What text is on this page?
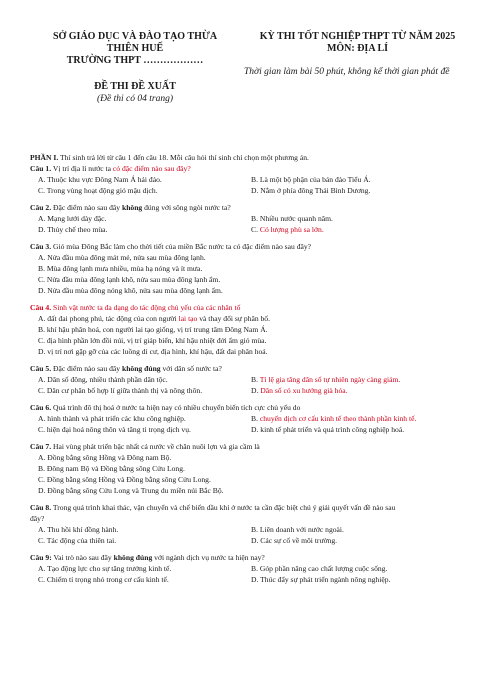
SỞ GIÁO DỤC VÀ ĐÀO TẠO THỪA
THIÊN HUẾ
TRƯỜNG THPT ………………
KỲ THI TỐT NGHIỆP THPT TỪ NĂM 2025
MÔN: ĐỊA LÍ
Thời gian làm bài 50 phút, không kể thời gian phát đề
ĐỀ THI ĐỀ XUẤT
(Đề thi có 04 trang)

PHẦN I. Thí sinh trả lời từ câu 1 đến câu 18. Mỗi câu hỏi thí sinh chỉ chọn một phương án.

Câu 1. Vị trí địa lí nước ta có đặc điểm nào sau đây?

A. Thuộc khu vực Đông Nam Á hải đảo.	B. Là một bộ phận của bán đảo Tiểu Á.
C. Trong vùng hoạt động gió mậu dịch.	D. Nằm ở phía đông Thái Bình Dương.

Câu 2. Đặc điểm nào sau đây không đúng với sông ngòi nước ta?

A. Mạng lưới dày đặc.	B. Nhiều nước quanh năm.
D. Thủy chế theo mùa.	C. Có lượng phù sa lớn.

Câu 3. Gió mùa Đông Bắc làm cho thời tiết của miền Bắc nước ta có đặc điểm nào sau đây?

A. Nửa đầu mùa đông mát mẻ, nửa sau mùa đông lạnh.
B. Mùa đông lạnh mưa nhiều, mùa hạ nóng và ít mưa.
C. Nửa đầu mùa đông lạnh khô, nửa sau mùa đông lạnh ẩm.
D. Nửa đầu mùa đông nóng khô, nửa sau mùa đông lạnh ẩm.

Câu 4. Sinh vật nước ta đa dạng do tác động chủ yếu của các nhân tố

A. đất đai phong phú, tác động của con người lai tạo và thay đổi sự phân bố.
B. khí hậu phân hoá, con người lai tạo giống, vị trí trung tâm Đông Nam Á.
C. địa hình phần lớn đồi núi, vị trí giáp biển, khí hậu nhiệt đới ẩm gió mùa.
D. vị trí nơi gặp gỡ của các luồng di cư, địa hình, khí hậu, đất đai phân hoá.

Câu 5. Đặc điểm nào sau đây không đúng với dân số nước ta?

A. Dân số đông, nhiều thành phần dân tộc.	B. Tỉ lệ gia tăng dân số tự nhiên ngày càng giảm.
C. Dân cư phân bố hợp lí giữa thành thị và nông thôn.	D. Dân số có xu hướng già hóa.

Câu 6. Quá trình đô thị hoá ở nước ta hiện nay có nhiều chuyển biến tích cực chủ yếu do

A. hình thành và phát triển các khu công nghiệp.	B. chuyển dịch cơ cấu kinh tế theo thành phần kinh tế.
C. hiện đại hoá nông thôn và tăng tỉ trọng dịch vụ.	D. kinh tế phát triển và quá trình công nghiệp hoá.

Câu 7. Hai vùng phát triển bậc nhất cả nước về chăn nuôi lợn và gia cầm là

A. Đồng bằng sông Hồng và Đông nam Bộ.
B. Đông nam Bộ và Đồng bằng sông Cửu Long.
C. Đồng bằng sông Hồng và Đồng bằng sông Cửu Long.
D. Đồng bằng sông Cửu Long và Trung du miền núi Bắc Bộ.

Câu 8. Trong quá trình khai thác, vận chuyển và chế biến dầu khí ở nước ta cần đặc biệt chú ý giải quyết vấn đề nào sau

đây?

A. Thu hồi khí đồng hành.	B. Liên doanh với nước ngoài.
C. Tác động của thiên tai.	D. Các sự cố về môi trường.

Câu 9: Vai trò nào sau đây không đúng với ngành dịch vụ nước ta hiện nay?

A. Tạo động lực cho sự tăng trưởng kinh tế.	B. Góp phần nâng cao chất lượng cuộc sống.
C. Chiếm tỉ trọng nhỏ trong cơ cấu kinh tế.	D. Thúc đẩy sự phát triển ngành nông nghiệp.
